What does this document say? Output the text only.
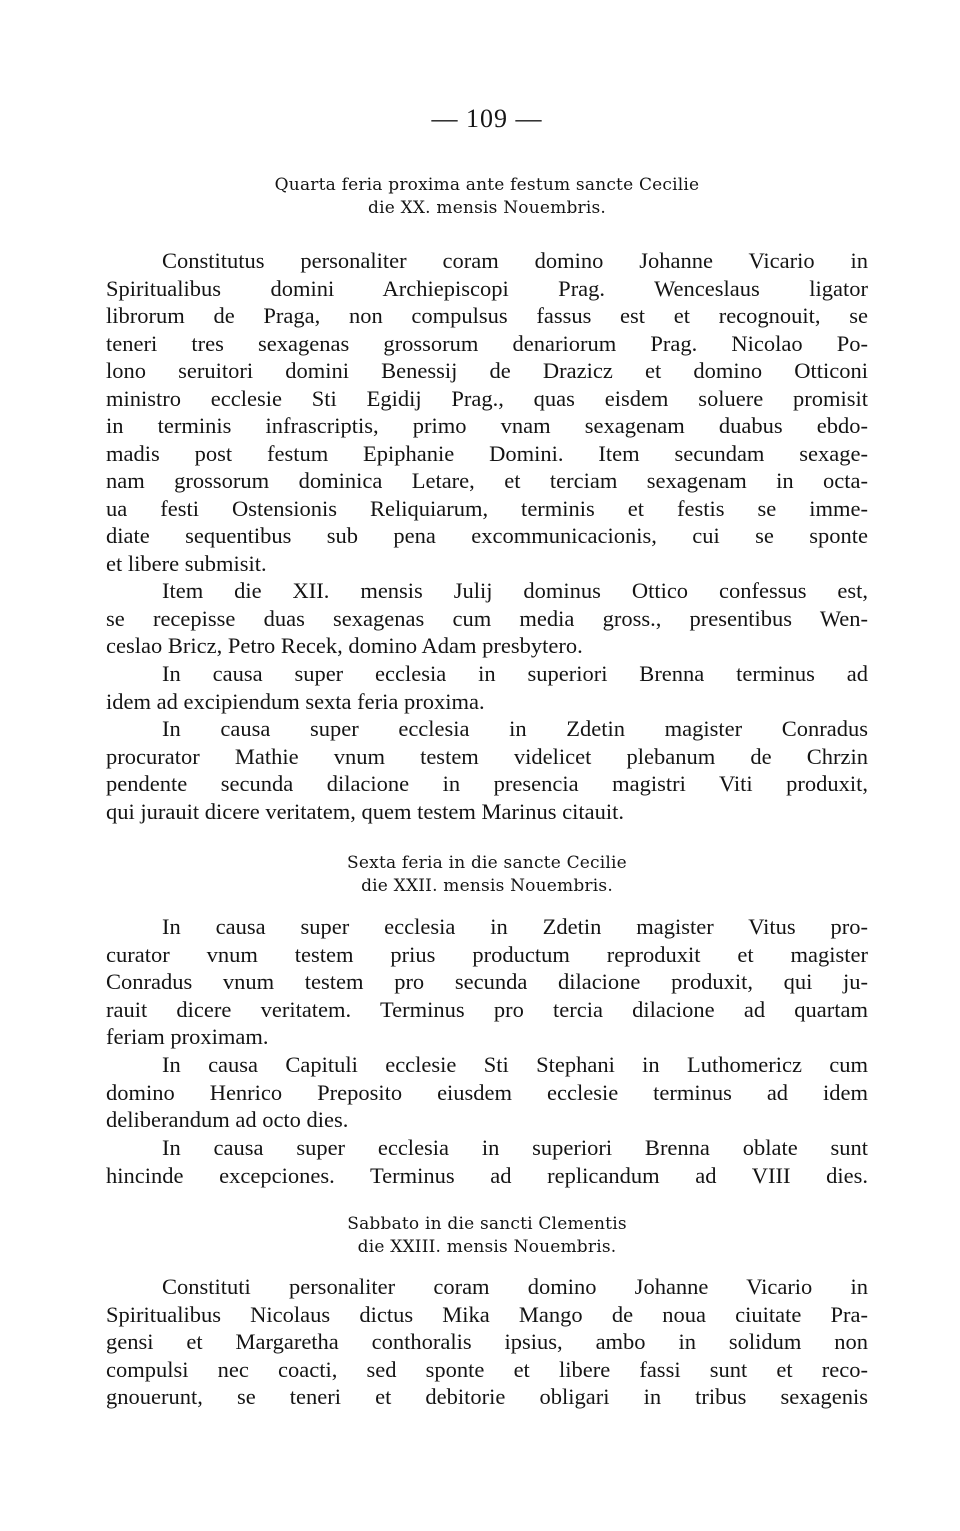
— 109 —
Quarta feria proxima ante festum sancte Cecilie
die XX. mensis Nouembris.
Constitutus personaliter coram domino Johanne Vicario in
Spiritualibus domini Archiepiscopi Prag. Wenceslaus ligator
librorum de Praga, non compulsus fassus est et recognouit, se
teneri tres sexagenas grossorum denariorum Prag. Nicolao Po-
lono seruitori domini Benessij de Drazicz et domino Otticoni
ministro ecclesie Sti Egidij Prag., quas eisdem soluere promisit
in terminis infrascriptis, primo vnam sexagenam duabus ebdo-
madis post festum Epiphanie Domini. Item secundam sexage-
nam grossorum dominica Letare, et terciam sexagenam in octa-
ua festi Ostensionis Reliquiarum, terminis et festis se imme-
diate sequentibus sub pena excommunicacionis, cui se sponte
et libere submisit.
Item die XII. mensis Julij dominus Ottico confessus est,
se recepisse duas sexagenas cum media gross., presentibus Wen-
ceslao Bricz, Petro Recek, domino Adam presbytero.
In causa super ecclesia in superiori Brenna terminus ad
idem ad excipiendum sexta feria proxima.
In causa super ecclesia in Zdetin magister Conradus
procurator Mathie vnum testem videlicet plebanum de Chrzin
pendente secunda dilacione in presencia magistri Viti produxit,
qui jurauit dicere veritatem, quem testem Marinus citauit.
Sexta feria in die sancte Cecilie
die XXII. mensis Nouembris.
In causa super ecclesia in Zdetin magister Vitus pro-
curator vnum testem prius productum reproduxit et magister
Conradus vnum testem pro secunda dilacione produxit, qui ju-
rauit dicere veritatem. Terminus pro tercia dilacione ad quartam
feriam proximam.
In causa Capituli ecclesie Sti Stephani in Luthomericz cum
domino Henrico Preposito eiusdem ecclesie terminus ad idem
deliberandum ad octo dies.
In causa super ecclesia in superiori Brenna oblate sunt
hincinde excepciones. Terminus ad replicandum ad VIII dies.
Sabbato in die sancti Clementis
die XXIII. mensis Nouembris.
Constituti personaliter coram domino Johanne Vicario in
Spiritualibus Nicolaus dictus Mika Mango de noua ciuitate Pra-
gensi et Margaretha conthoralis ipsius, ambo in solidum non
compulsi nec coacti, sed sponte et libere fassi sunt et reco-
gnouerunt, se teneri et debitorie obligari in tribus sexagenis
